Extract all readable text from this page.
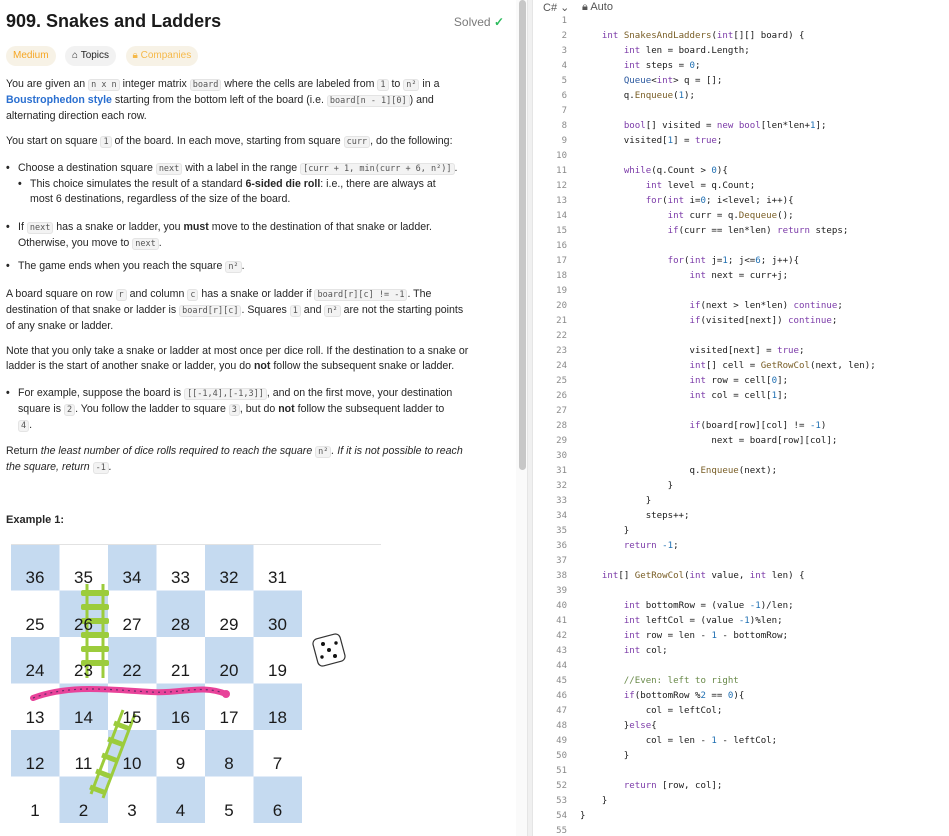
909. Snakes and Ladders	Solved ✓
Medium ⌂ Topics 🔒︎ Companies

You are given an n x n integer matrix board where the cells are labeled from 1 to n² in a

Boustrophedon style starting from the bottom left of the board (i.e. board[n - 1][0] ) and

alternating direction each row.

You start on square 1 of the board. In each move, starting from square curr , do the following:

• Choose a destination square next with a label in the range [curr + 1, min(curr + 6, n²)] .
• This choice simulates the result of a standard 6-sided die roll: i.e., there are always at
most 6 destinations, regardless of the size of the board.
• If next has a snake or ladder, you must move to the destination of that snake or ladder.
Otherwise, you move to next .
• The game ends when you reach the square n² .

A board square on row r and column c has a snake or ladder if board[r][c] != -1 . The

destination of that snake or ladder is board[r][c] . Squares 1 and n² are not the starting points

of any snake or ladder.

Note that you only take a snake or ladder at most once per dice roll. If the destination to a snake or

ladder is the start of another snake or ladder, you do not follow the subsequent snake or ladder.

• For example, suppose the board is [[-1,4],[-1,3]] , and on the first move, your destination
square is 2 . You follow the ladder to square 3 , but do not follow the subsequent ladder to
4 .

Return the least number of dice rolls required to reach the square n² . If it is not possible to reach

the square, return -1 .

Example 1:
36	35	34	33	32	31
25	26	27	28	29	30
24	23	22	21	20	19
13	14	15	16	17	18
12	11	10	9	8	7
1	2	3	4	5	6
C# ⌄ 🔒︎ Auto
1
2
3
4
5
6
7
8
9
10
11
12
13
14
15
16
17
18
19
20
21
22
23
24
25
26
27
28
29
30
31
32
33
34
35
36
37
38
39
40
41
42
43
44
45
46
47
48
49
50
51
52
53
54
55
int SnakesAndLadders(int[][] board) {
int len = board.Length;
int steps = 0;
Queue<int> q = [];
q.Enqueue(1);
bool[] visited = new bool[len*len+1];
visited[1] = true;
while(q.Count > 0){
int level = q.Count;
for(int i=0; i<level; i++){
int curr = q.Dequeue();
if(curr == len*len) return steps;
for(int j=1; j<=6; j++){
int next = curr+j;
if(next > len*len) continue;
if(visited[next]) continue;
visited[next] = true;
int[] cell = GetRowCol(next, len);
int row = cell[0];
int col = cell[1];
if(board[row][col] != -1)
next = board[row][col];
q.Enqueue(next);
}
}
steps++;
}
return -1;
int[] GetRowCol(int value, int len) {
int bottomRow = (value -1)/len;
int leftCol = (value -1)%len;
int row = len - 1 - bottomRow;
int col;
//Even: left to right
if(bottomRow %2 == 0){
col = leftCol;
}else{
col = len - 1 - leftCol;
}
return [row, col];
}
}
